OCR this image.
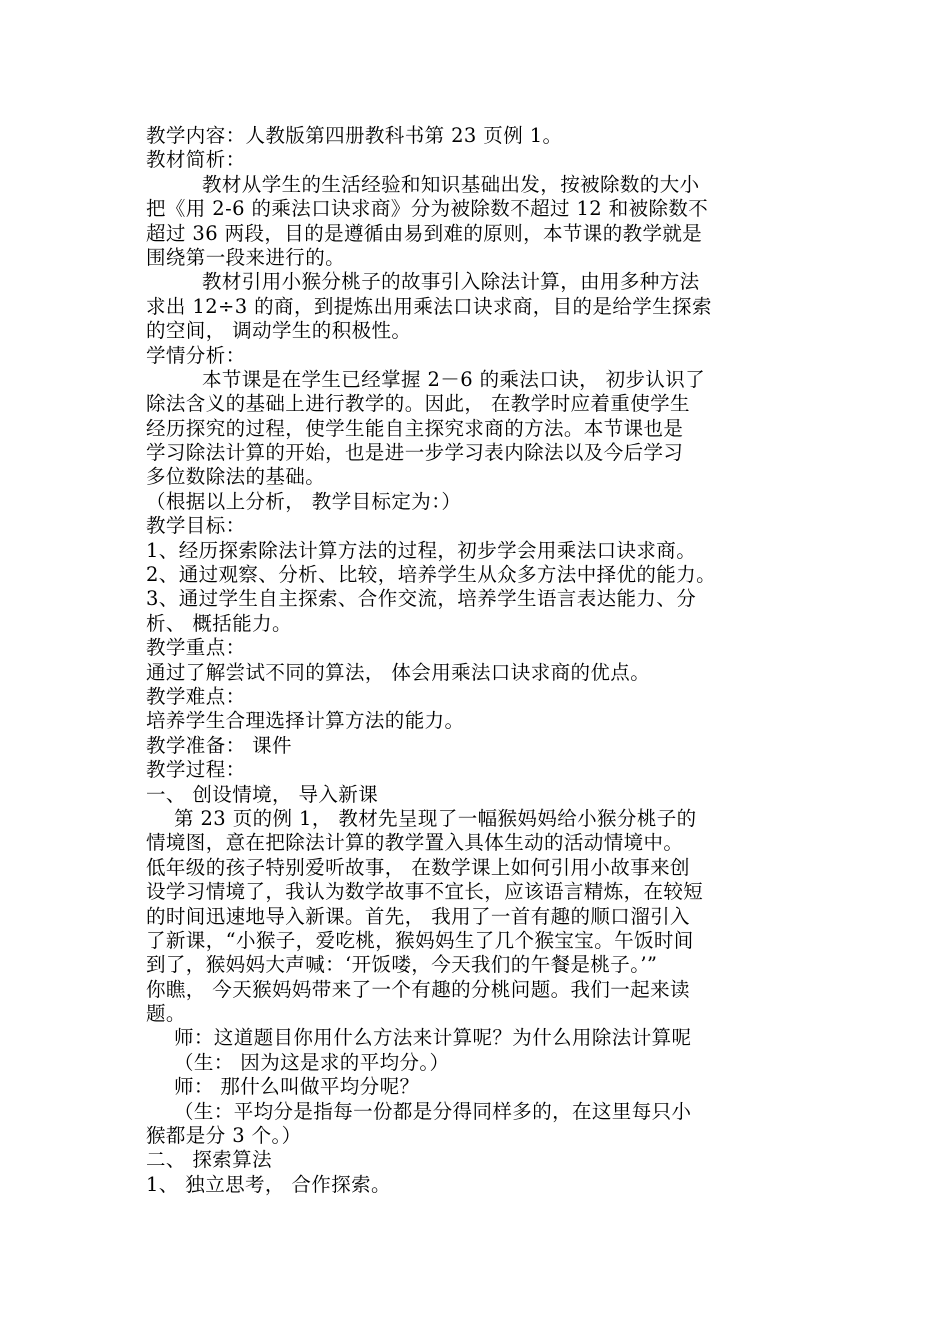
教学内容：人教版第四册教科书第 23 页例 1。
教材简析：
教材从学生的生活经验和知识基础出发，按被除数的大小
把《用 2-6 的乘法口诀求商》分为被除数不超过 12 和被除数不
超过 36 两段，目的是遵循由易到难的原则，本节课的教学就是
围绕第一段来进行的。
教材引用小猴分桃子的故事引入除法计算，由用多种方法
求出 12÷3 的商，到提炼出用乘法口诀求商，目的是给学生探索
的空间， 调动学生的积极性。
学情分析：
本节课是在学生已经掌握 2－6 的乘法口诀， 初步认识了
除法含义的基础上进行教学的。因此， 在教学时应着重使学生
经历探究的过程，使学生能自主探究求商的方法。本节课也是
学习除法计算的开始，也是进一步学习表内除法以及今后学习
多位数除法的基础。
（根据以上分析， 教学目标定为：）
教学目标：
1、经历探索除法计算方法的过程，初步学会用乘法口诀求商。
2、通过观察、分析、比较，培养学生从众多方法中择优的能力。
3、通过学生自主探索、合作交流，培养学生语言表达能力、分
析、 概括能力。
教学重点：
通过了解尝试不同的算法， 体会用乘法口诀求商的优点。
教学难点：
培养学生合理选择计算方法的能力。
教学准备： 课件
教学过程：
一、 创设情境， 导入新课
第 23 页的例 1， 教材先呈现了一幅猴妈妈给小猴分桃子的
情境图，意在把除法计算的教学置入具体生动的活动情境中。
低年级的孩子特别爱听故事， 在数学课上如何引用小故事来创
设学习情境了，我认为数学故事不宜长，应该语言精炼，在较短
的时间迅速地导入新课。首先， 我用了一首有趣的顺口溜引入
了新课，“小猴子，爱吃桃，猴妈妈生了几个猴宝宝。午饭时间
到了，猴妈妈大声喊：‘开饭喽，今天我们的午餐是桃子。’”
你瞧， 今天猴妈妈带来了一个有趣的分桃问题。我们一起来读
题。
师：这道题目你用什么方法来计算呢？为什么用除法计算呢
（生： 因为这是求的平均分。）
师： 那什么叫做平均分呢？
（生：平均分是指每一份都是分得同样多的，在这里每只小
猴都是分 3 个。）
二、 探索算法
1、 独立思考， 合作探索。
